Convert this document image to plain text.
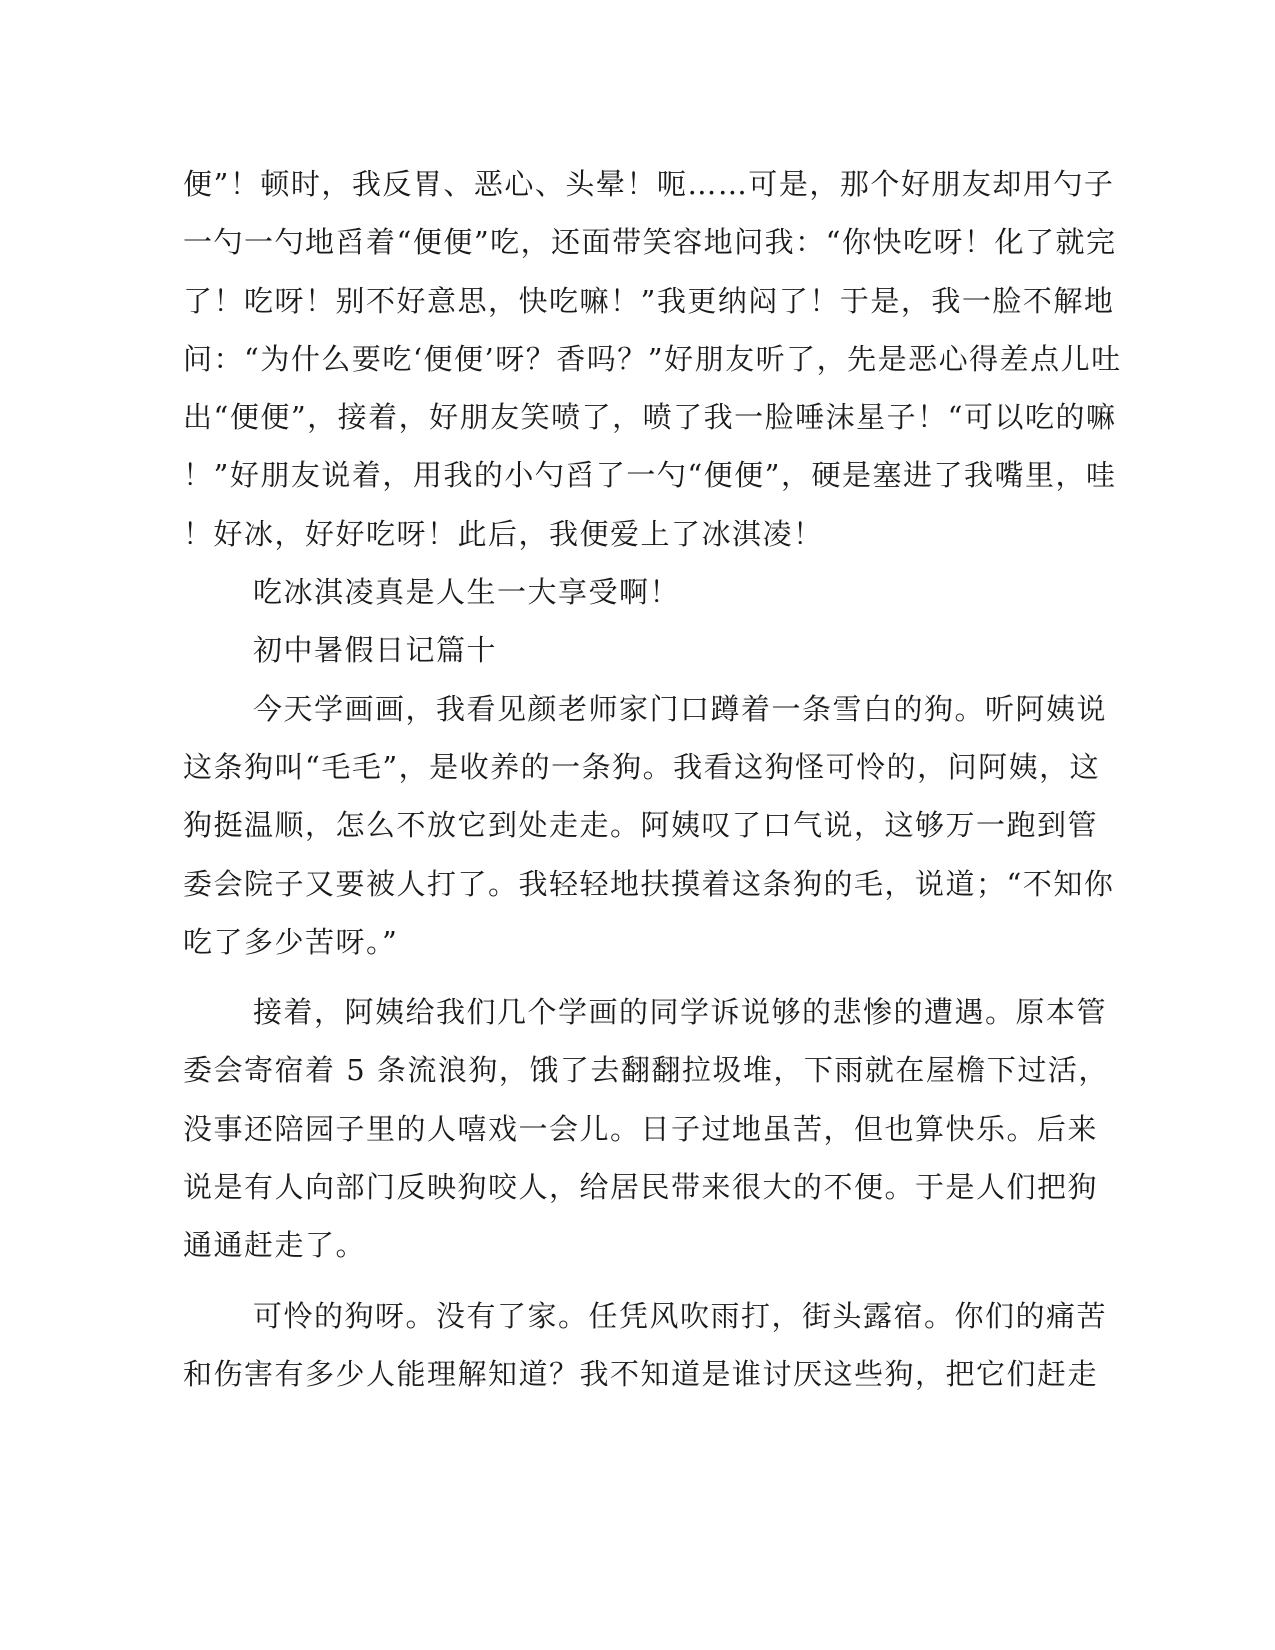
便”！顿时，我反胃、恶心、头晕！呃……可是，那个好朋友却用勺子
一勺一勺地舀着“便便”吃，还面带笑容地问我：“你快吃呀！化了就完
了！吃呀！别不好意思，快吃嘛！”我更纳闷了！于是，我一脸不解地
问：“为什么要吃‘便便’呀？香吗？”好朋友听了，先是恶心得差点儿吐
出“便便”，接着，好朋友笑喷了，喷了我一脸唾沫星子！“可以吃的嘛
！”好朋友说着，用我的小勺舀了一勺“便便”，硬是塞进了我嘴里，哇
！好冰，好好吃呀！此后，我便爱上了冰淇凌！
吃冰淇凌真是人生一大享受啊！
初中暑假日记篇十
今天学画画，我看见颜老师家门口蹲着一条雪白的狗。听阿姨说
这条狗叫“毛毛”，是收养的一条狗。我看这狗怪可怜的，问阿姨，这
狗挺温顺，怎么不放它到处走走。阿姨叹了口气说，这够万一跑到管
委会院子又要被人打了。我轻轻地扶摸着这条狗的毛，说道；“不知你
吃了多少苦呀。”
接着，阿姨给我们几个学画的同学诉说够的悲惨的遭遇。原本管
委会寄宿着 5 条流浪狗，饿了去翻翻拉圾堆，下雨就在屋檐下过活，
没事还陪园子里的人嘻戏一会儿。日子过地虽苦，但也算快乐。后来
说是有人向部门反映狗咬人，给居民带来很大的不便。于是人们把狗
通通赶走了。
可怜的狗呀。没有了家。任凭风吹雨打，街头露宿。你们的痛苦
和伤害有多少人能理解知道？我不知道是谁讨厌这些狗，把它们赶走
